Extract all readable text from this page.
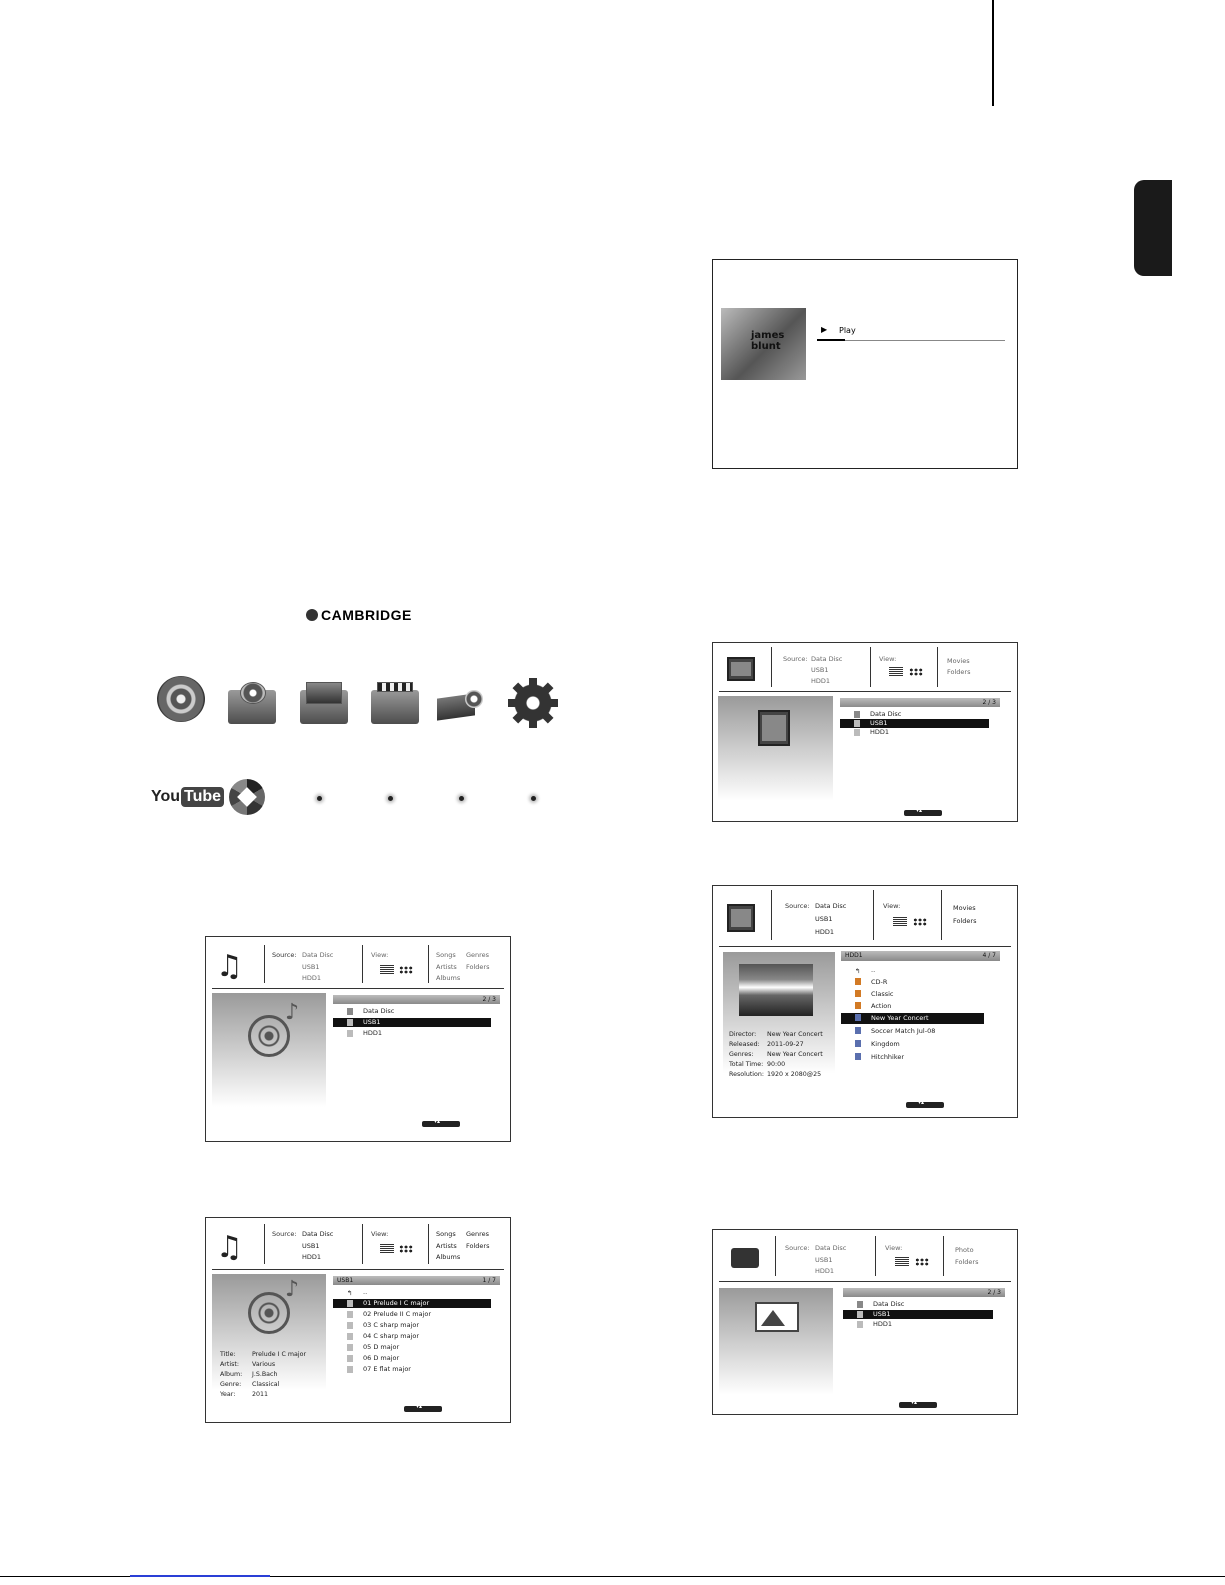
james blunt
▶ Play
CAMBRIDGE
You Tube
♫	Source: Data Disc
USB1
HDD1
View:	Songs Genres
Artists Folders
Albums
♪
2 / 3
Data Disc
USB1
HDD1
▾▴
♫	Source: Data Disc
USB1
HDD1
View:	Songs Genres
Artists Folders
Albums
♪
Title:	Prelude I C major
Artist: Various
Album: J.S.Bach
Genre: Classical
Year:	2011
USB1	1 / 7
↰ ..
01 Prelude I C major
02 Prelude II C major
03 C sharp major
04 C sharp major
05 D major
06 D major
07 E flat major
▾▴
Source: Data Disc
USB1
HDD1
View:	Movies
Folders
2 / 3
Data Disc
USB1
HDD1
▾▴
Source: Data Disc
USB1
HDD1
View:	Movies
Folders
Director: New Year Concert
Released: 2011-09-27
Genres: New Year Concert
Total Time: 90:00
Resolution: 1920 x 2080@25
HDD1	4 / 7
↰ ..
CD-R
Classic
Action
New Year Concert
Soccer Match Jul-08
Kingdom
Hitchhiker
▾▴
Source: Data Disc
USB1
HDD1
View:	Photo
Folders
2 / 3
Data Disc
USB1
HDD1
▾▴
